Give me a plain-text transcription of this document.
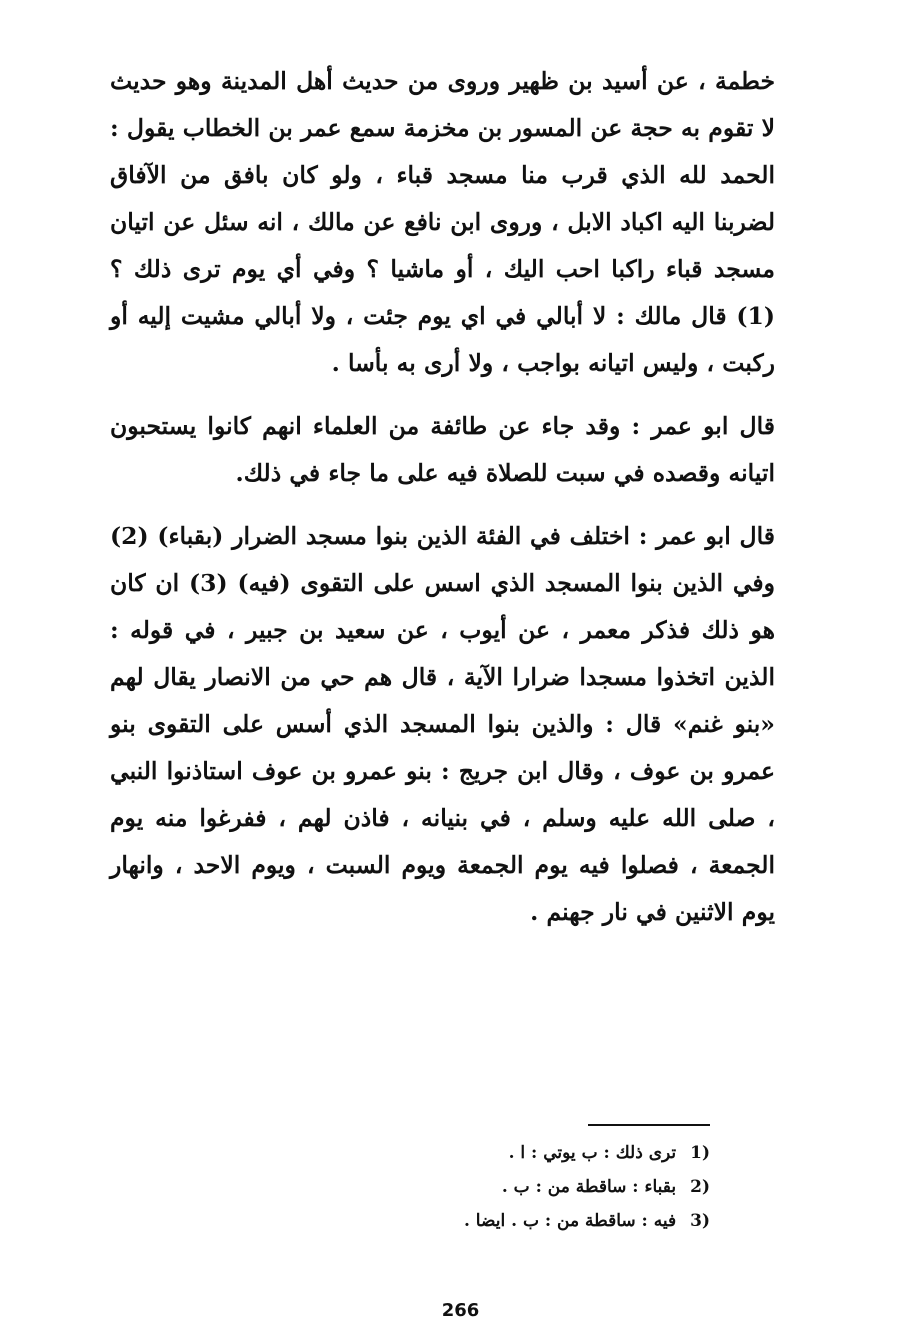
خطمة ، عن أسيد بن ظهير وروى من حديث أهل المدينة وهو حديث لا تقوم به حجة عن المسور بن مخزمة سمع عمر بن الخطاب يقول : الحمد لله الذي قرب منا مسجد قباء ، ولو كان بافق من الآفاق لضربنا اليه اكباد الابل ، وروى ابن نافع عن مالك ، انه سئل عن اتيان مسجد قباء راكبا احب اليك ، أو ماشيا ؟ وفي أي يوم ترى ذلك ؟ (1) قال مالك : لا أبالي في اي يوم جئت ، ولا أبالي مشيت إليه أو ركبت ، وليس اتيانه بواجب ، ولا أرى به بأسا .

قال ابو عمر : وقد جاء عن طائفة من العلماء انهم كانوا يستحبون اتيانه وقصده في سبت للصلاة فيه على ما جاء في ذلك.

قال ابو عمر : اختلف في الفئة الذين بنوا مسجد الضرار (بقباء) (2) وفي الذين بنوا المسجد الذي اسس على التقوى (فيه) (3) ان كان هو ذلك فذكر معمر ، عن أيوب ، عن سعيد بن جبير ، في قوله : الذين اتخذوا مسجدا ضرارا الآية ، قال هم حي من الانصار يقال لهم «بنو غنم» قال : والذين بنوا المسجد الذي أسس على التقوى بنو عمرو بن عوف ، وقال ابن جريج : بنو عمرو بن عوف استاذنوا النبي ، صلى الله عليه وسلم ، في بنيانه ، فاذن لهم ، ففرغوا منه يوم الجمعة ، فصلوا فيه يوم الجمعة ويوم السبت ، ويوم الاحد ، وانهار يوم الاثنين في نار جهنم .

1)ترى ذلك : ب يوتي : ا .
2)بقباء : ساقطة من : ب .
3)فيه : ساقطة من : ب . ايضا .
266
